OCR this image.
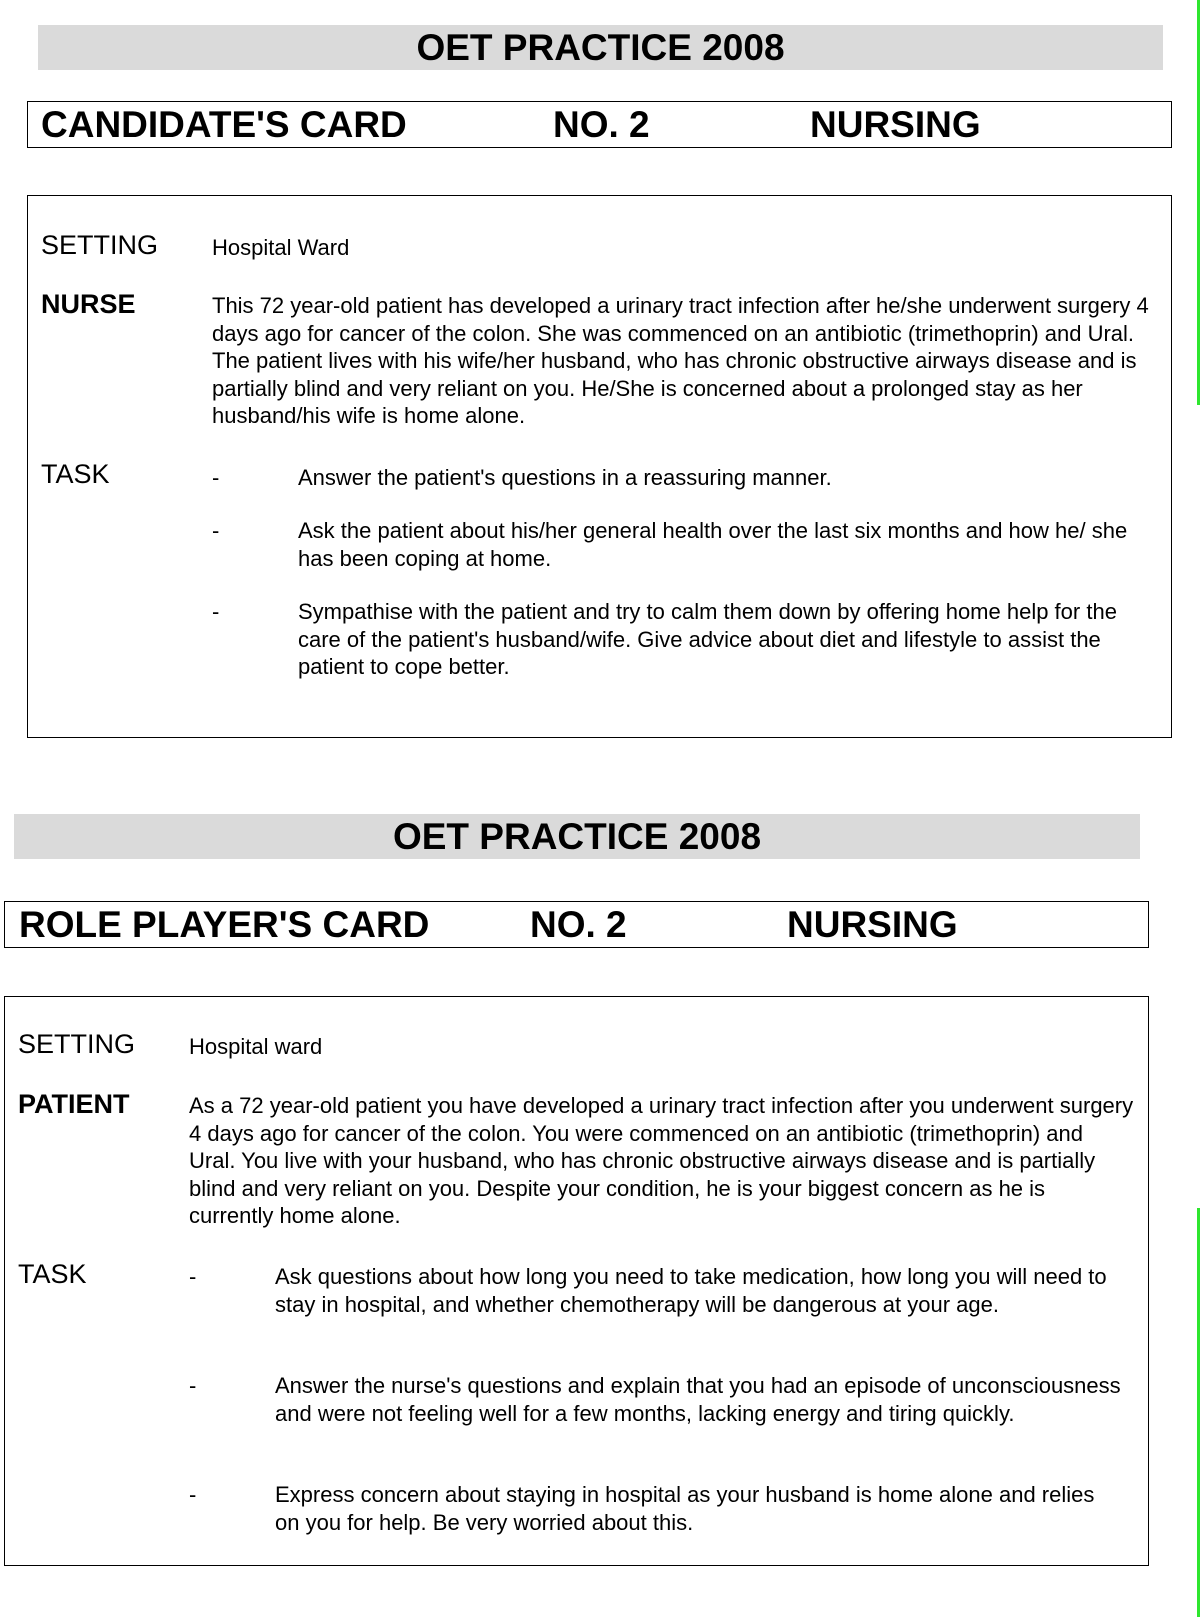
OET PRACTICE 2008
CANDIDATE'S CARD	NO. 2	NURSING
SETTING Hospital Ward
NURSE	This 72 year-old patient has developed a urinary tract infection after he/she underwent surgery 4 days ago for cancer of the colon. She was commenced on an antibiotic (trimethoprin) and Ural. The patient lives with his wife/her husband, who has chronic obstructive airways disease and is partially blind and very reliant on you. He/She is concerned about a prolonged stay as her husband/his wife is home alone.
TASK	-	Answer the patient's questions in a reassuring manner.
-	Ask the patient about his/her general health over the last six months and how he/ she has been coping at home.
-	Sympathise with the patient and try to calm them down by offering home help for the care of the patient's husband/wife. Give advice about diet and lifestyle to assist the patient to cope better.
OET PRACTICE 2008
ROLE PLAYER'S CARD	NO. 2	NURSING
SETTING Hospital ward
PATIENT	As a 72 year-old patient you have developed a urinary tract infection after you underwent surgery 4 days ago for cancer of the colon. You were commenced on an antibiotic (trimethoprin) and Ural. You live with your husband, who has chronic obstructive airways disease and is partially blind and very reliant on you. Despite your condition, he is your biggest concern as he is currently home alone.
TASK	-	Ask questions about how long you need to take medication, how long you will need to stay in hospital, and whether chemotherapy will be dangerous at your age.
-	Answer the nurse's questions and explain that you had an episode of unconsciousness and were not feeling well for a few months, lacking energy and tiring quickly.
-	Express concern about staying in hospital as your husband is home alone and relies on you for help. Be very worried about this.
